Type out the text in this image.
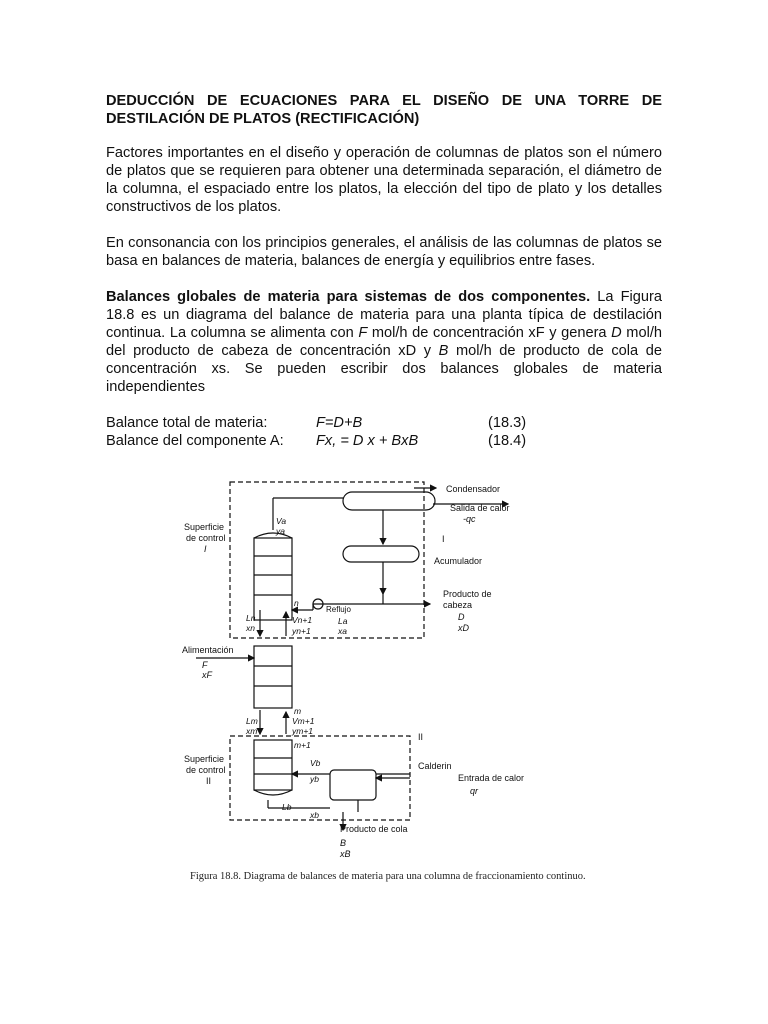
DEDUCCIÓN DE ECUACIONES PARA EL DISEÑO DE UNA TORRE DE DESTILACIÓN DE PLATOS (RECTIFICACIÓN)
Factores importantes en el diseño y operación de columnas de platos son el número de platos que se requieren para obtener una determinada separación, el diámetro de la columna, el espaciado entre los platos, la elección del tipo de plato y los detalles constructivos de los platos.
En consonancia con los principios generales, el análisis de las columnas de platos se basa en balances de materia, balances de energía y equilibrios entre fases.
Balances globales de materia para sistemas de dos componentes. La Figura 18.8 es un diagrama del balance de materia para una planta típica de destilación continua. La columna se alimenta con F mol/h de concentración xF y genera D mol/h del producto de cabeza de concentración xD y B mol/h de producto de cola de concentración xs. Se pueden escribir dos balances globales de materia independientes
Balance total de materia:	F=D+B	(18.3)
Balance del componente A: Fx, = D x + BxB	(18.4)
Condensador
Salida de calor
-qc
Acumulador
I
Superficie
de control
I
Reflujo
Producto de
cabeza
D
xD
Alimentación
F
xF
Superficie
de control
II
II
Calderin
Entrada de calor
qr
Producto de cola
B
xB
Va
ya
n
Ln
xn
Vn+1
yn+1
La
xa
m
Lm
xm
Vm+1
ym+1
m+1
Vb
yb
Lb
xb
Figura 18.8. Diagrama de balances de materia para una columna de fraccionamiento continuo.
